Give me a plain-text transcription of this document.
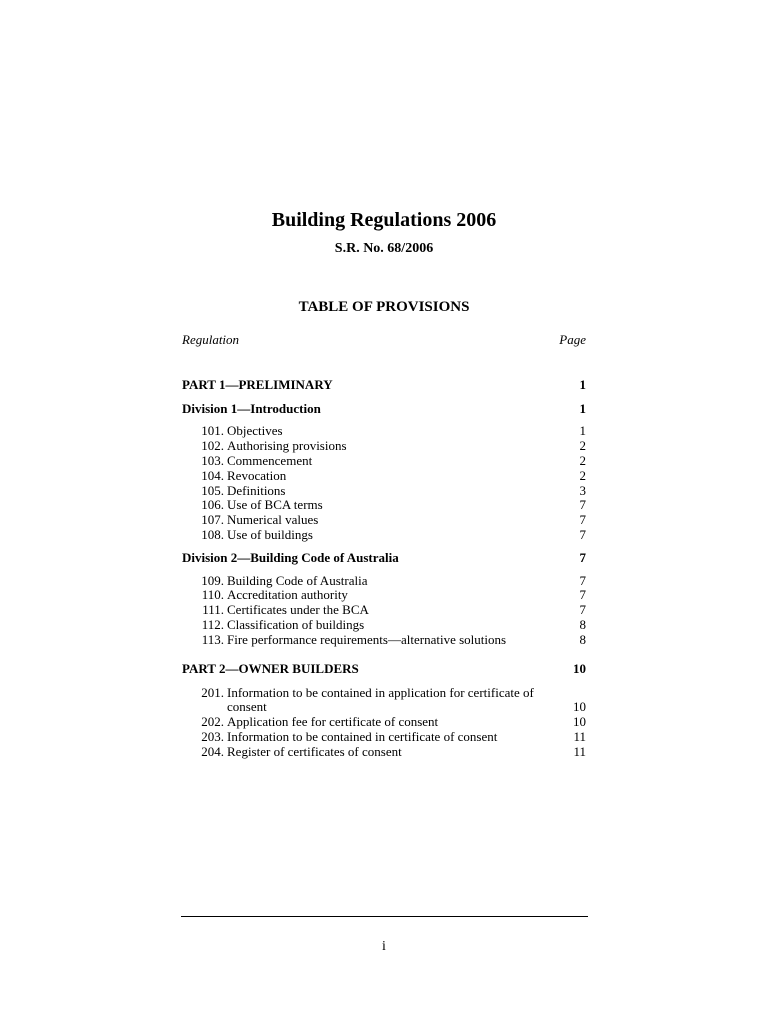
Building Regulations 2006
S.R. No. 68/2006
TABLE OF PROVISIONS
Regulation	Page
PART 1—PRELIMINARY	1
Division 1—Introduction	1
101. Objectives	1
102. Authorising provisions	2
103. Commencement	2
104. Revocation	2
105. Definitions	3
106. Use of BCA terms	7
107. Numerical values	7
108. Use of buildings	7
Division 2—Building Code of Australia	7
109. Building Code of Australia	7
110. Accreditation authority	7
111. Certificates under the BCA	7
112. Classification of buildings	8
113. Fire performance requirements—alternative solutions	8
PART 2—OWNER BUILDERS	10
201. Information to be contained in application for certificate of
consent	10
202. Application fee for certificate of consent	10
203. Information to be contained in certificate of consent	11
204. Register of certificates of consent	11
i
